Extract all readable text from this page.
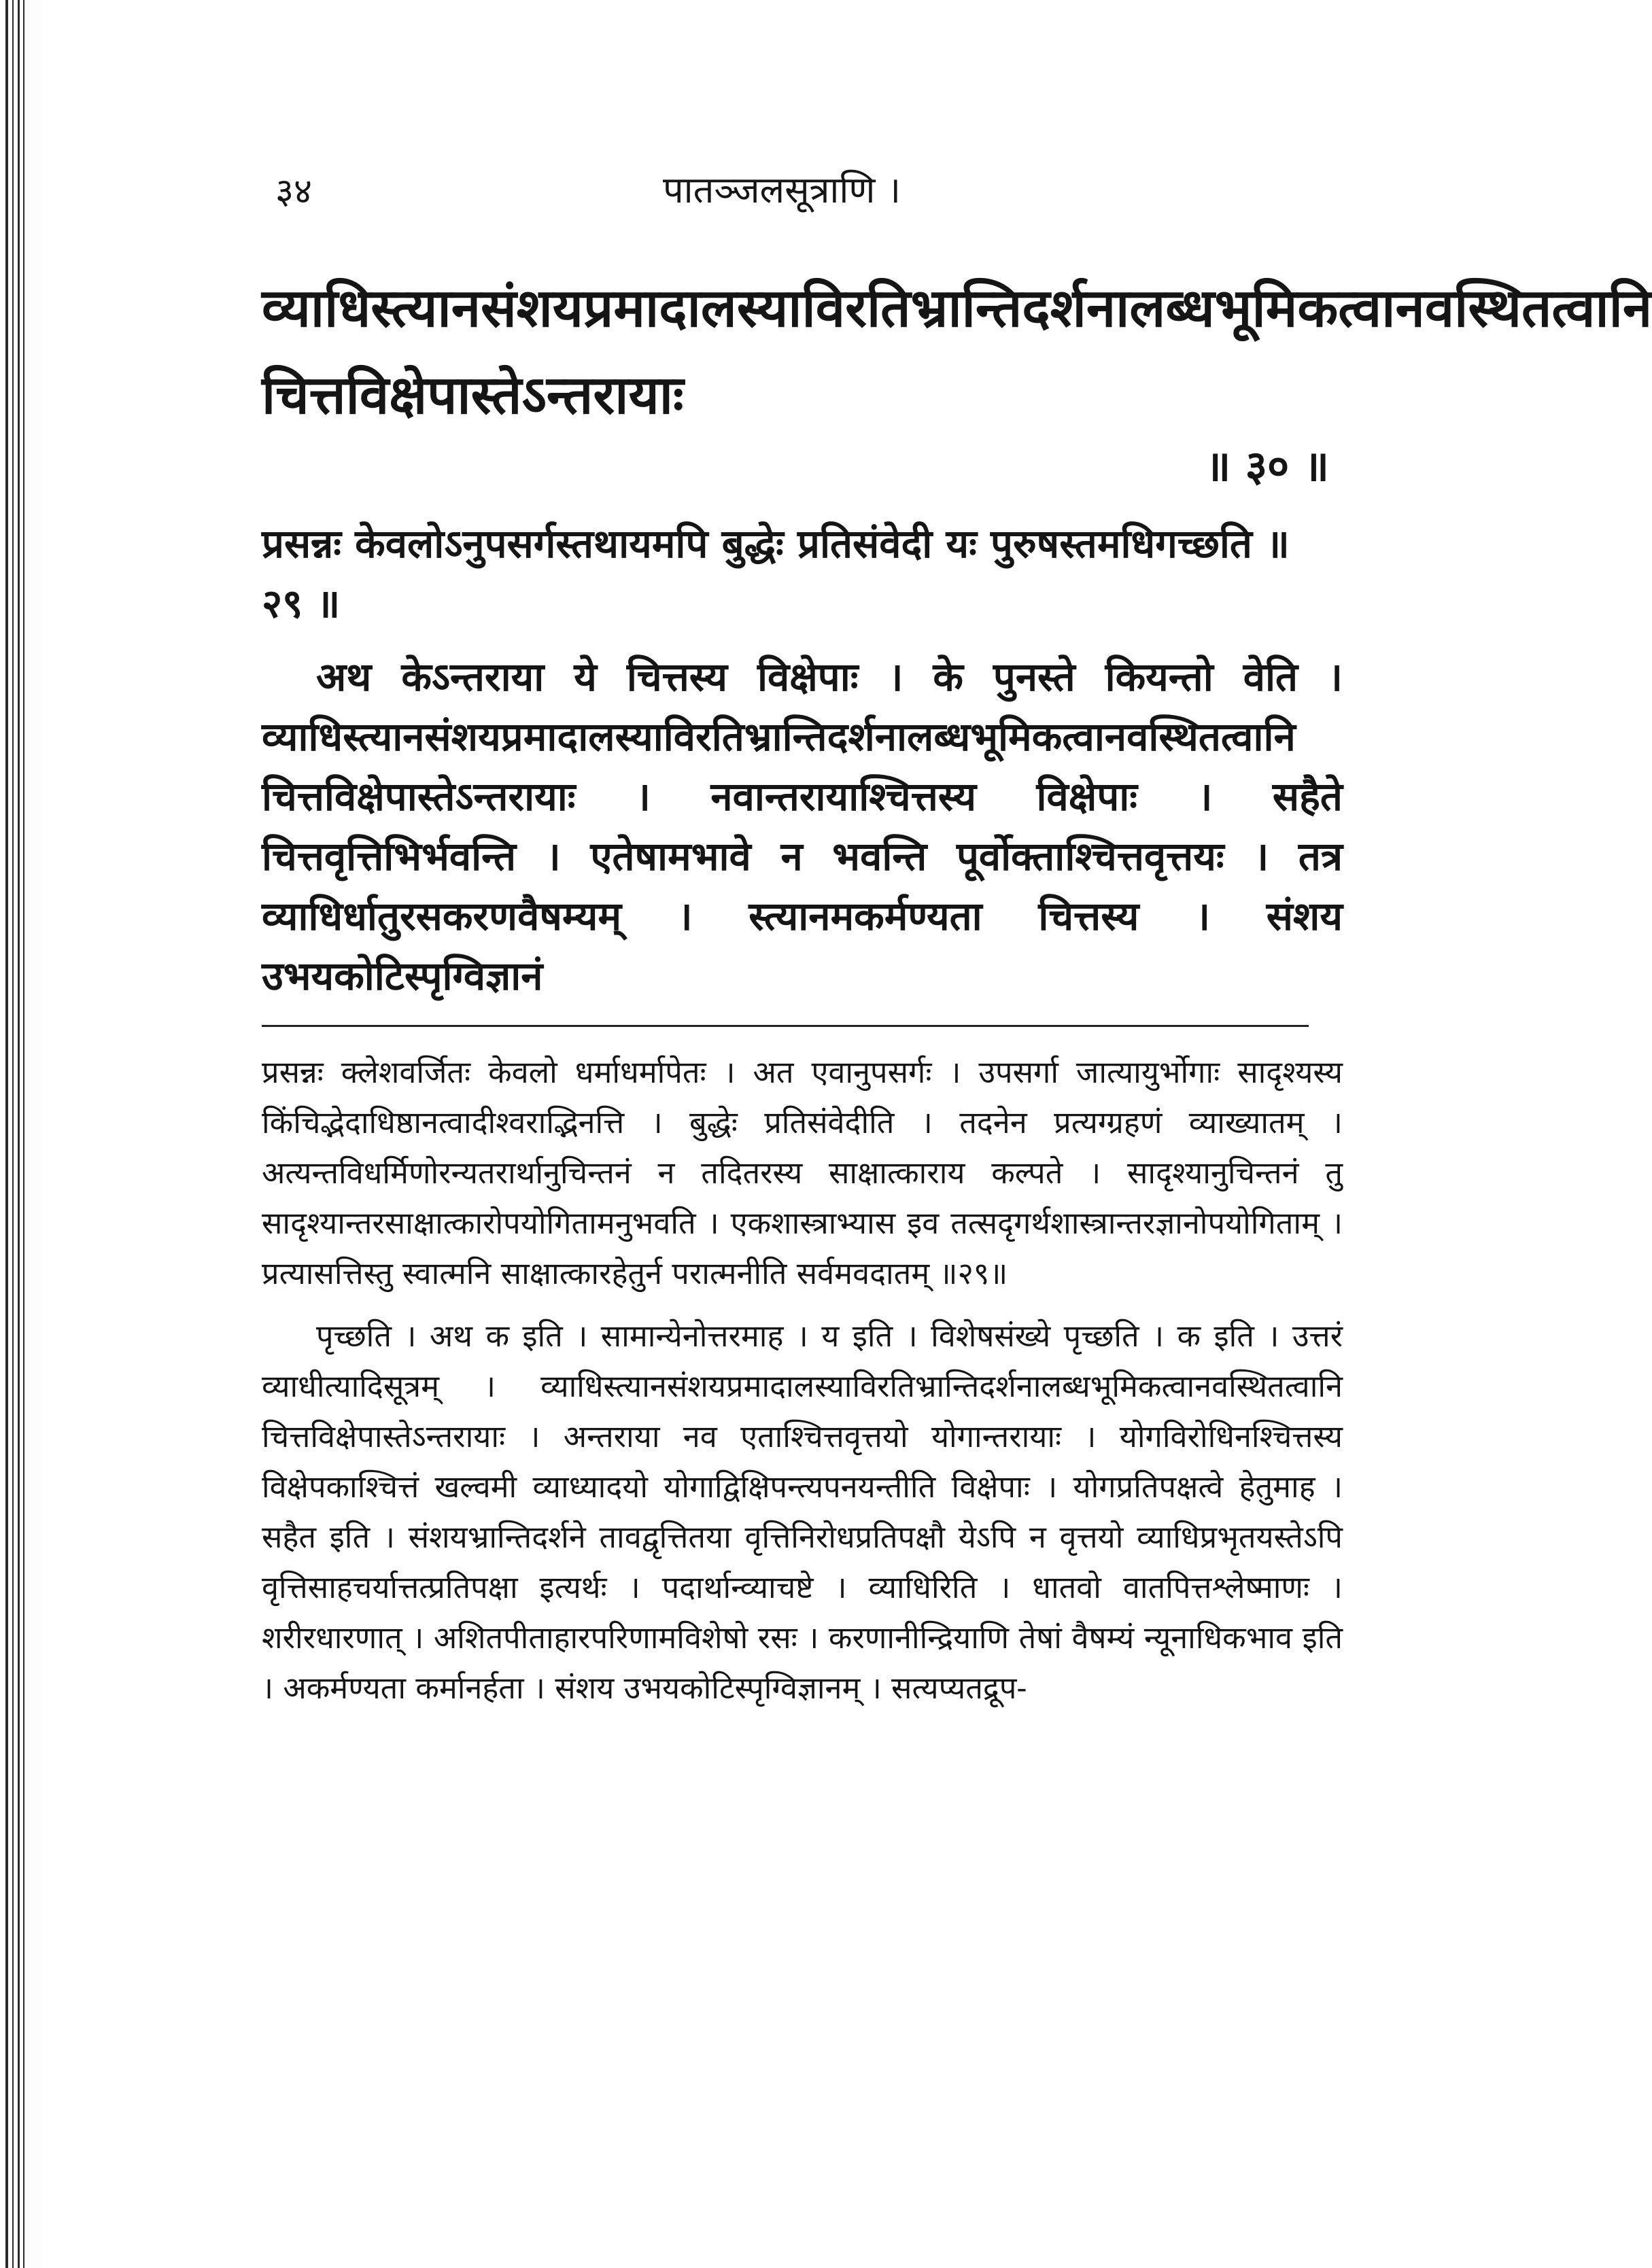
३४	पातञ्जलसूत्राणि ।
व्याधिस्त्यानसंशयप्रमादालस्याविरतिभ्रान्तिदर्शनालब्धभूमिकत्वानवस्थितत्वानि चित्तविक्षेपास्तेऽन्तरायाः
॥ ३० ॥
प्रसन्नः केवलोऽनुपसर्गस्तथायमपि बुद्धेः प्रतिसंवेदी यः पुरुषस्तमधिगच्छति ॥ २९ ॥
अथ केऽन्तराया ये चित्तस्य विक्षेपाः । के पुनस्ते कियन्तो वेति । व्याधिस्त्यानसंशयप्रमादालस्याविरतिभ्रान्तिदर्शनालब्धभूमिकत्वानवस्थितत्वानि चित्तविक्षेपास्तेऽन्तरायाः । नवान्तरायाश्चित्तस्य विक्षेपाः । सहैते चित्तवृत्तिभिर्भवन्ति । एतेषामभावे न भवन्ति पूर्वोक्ताश्चित्तवृत्तयः । तत्र व्याधिर्धातुरसकरणवैषम्यम् । स्त्यानमकर्मण्यता चित्तस्य । संशय उभयकोटिस्पृग्विज्ञानं
प्रसन्नः क्लेशवर्जितः केवलो धर्माधर्मापेतः । अत एवानुपसर्गः । उपसर्गा जात्यायुर्भोगाः सादृश्यस्य किंचिद्भेदाधिष्ठानत्वादीश्वराद्भिनत्ति । बुद्धेः प्रतिसंवेदीति । तदनेन प्रत्यग्ग्रहणं व्याख्यातम् । अत्यन्तविधर्मिणोरन्यतरार्थानुचिन्तनं न तदितरस्य साक्षात्काराय कल्पते । सादृश्यानुचिन्तनं तु सादृश्यान्तरसाक्षात्कारोपयोगितामनुभवति । एकशास्त्राभ्यास इव तत्सदृगर्थशास्त्रान्तरज्ञानोपयोगिताम् । प्रत्यासत्तिस्तु स्वात्मनि साक्षात्कारहेतुर्न परात्मनीति सर्वमवदातम् ॥२९॥
पृच्छति । अथ क इति । सामान्येनोत्तरमाह । य इति । विशेषसंख्ये पृच्छति । क इति । उत्तरं व्याधीत्यादिसूत्रम् । व्याधिस्त्यानसंशयप्रमादालस्याविरतिभ्रान्तिदर्शनालब्धभूमिकत्वानवस्थितत्वानि चित्तविक्षेपास्तेऽन्तरायाः । अन्तराया नव एताश्चित्तवृत्तयो योगान्तरायाः । योगविरोधिनश्चित्तस्य विक्षेपकाश्चित्तं खल्वमी व्याध्यादयो योगाद्विक्षिपन्त्यपनयन्तीति विक्षेपाः । योगप्रतिपक्षत्वे हेतुमाह । सहैत इति । संशयभ्रान्तिदर्शने तावद्वृत्तितया वृत्तिनिरोधप्रतिपक्षौ येऽपि न वृत्तयो व्याधिप्रभृतयस्तेऽपि वृत्तिसाहचर्यात्तत्प्रतिपक्षा इत्यर्थः । पदार्थान्व्याचष्टे । व्याधिरिति । धातवो वातपित्तश्लेष्माणः । शरीरधारणात् । अशितपीताहारपरिणामविशेषो रसः । करणानीन्द्रियाणि तेषां वैषम्यं न्यूनाधिकभाव इति । अकर्मण्यता कर्मानर्हता । संशय उभयकोटिस्पृग्विज्ञानम् । सत्यप्यतद्रूप-
